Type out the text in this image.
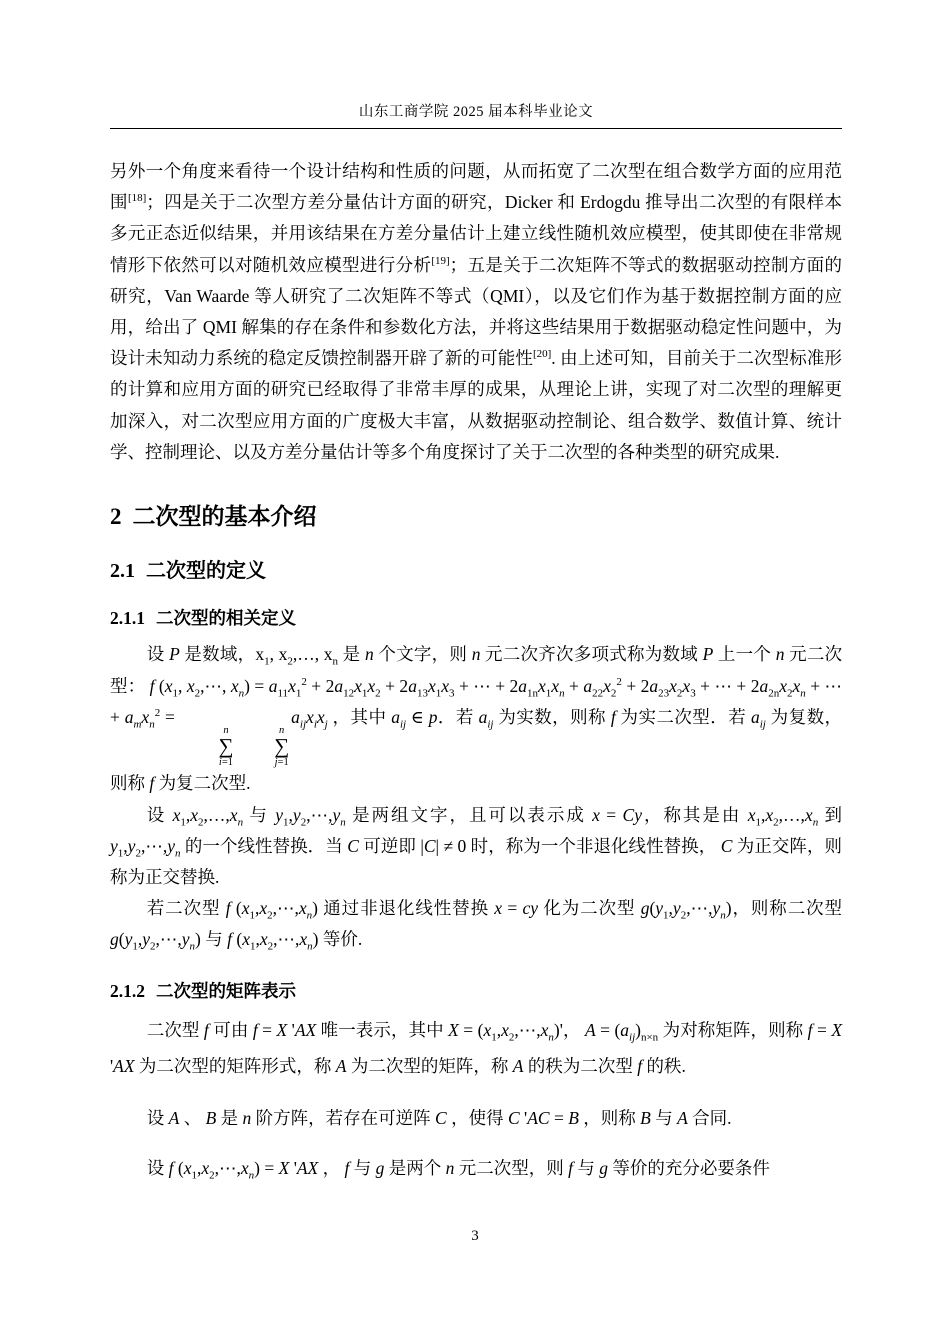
山东工商学院 2025 届本科毕业论文

另外一个角度来看待一个设计结构和性质的问题，从而拓宽了二次型在组合数学方面的应用范围[18]；四是关于二次型方差分量估计方面的研究，Dicker 和 Erdogdu 推导出二次型的有限样本多元正态近似结果，并用该结果在方差分量估计上建立线性随机效应模型，使其即使在非常规情形下依然可以对随机效应模型进行分析[19]；五是关于二次矩阵不等式的数据驱动控制方面的研究，Van Waarde 等人研究了二次矩阵不等式（QMI），以及它们作为基于数据控制方面的应用，给出了 QMI 解集的存在条件和参数化方法，并将这些结果用于数据驱动稳定性问题中，为设计未知动力系统的稳定反馈控制器开辟了新的可能性[20]. 由上述可知，目前关于二次型标准形的计算和应用方面的研究已经取得了非常丰厚的成果，从理论上讲，实现了对二次型的理解更加深入，对二次型应用方面的广度极大丰富，从数据驱动控制论、组合数学、数值计算、统计学、控制理论、以及方差分量估计等多个角度探讨了关于二次型的各种类型的研究成果.

2 二次型的基本介绍
2.1 二次型的定义
2.1.1 二次型的相关定义

设 P 是数域，$x_1$, $x_2,\dots$, $x_n$ 是 n 个文字，则 n 元二次齐次多项式称为数域 P 上一个 n 元二次型： f ($x_1$, $x_2,\cdots$, $x_n) = a_{11}x_1^2 + 2a_{12}x_1x_2 + 2a_{13}x_1x_3$ + ⋯ + $2a_{1n}x_1x_n + a_{22}x_2^2 + 2a_{23}x_2x_3$ + ⋯ + $2a_{2n}x_2x_n$ + ⋯ + $a_mx_n^2$ =
n
∑
i=1
n
∑
j=1
$a_{ij}x_ix_j$ ，其中 $a_{ij}$ ∈ p．若 $a_{ij}$ 为实数，则称 f 为实二次型．若 $a_{ij}$ 为复数，则称 f 为复二次型.

设 $x_1,x_2,\dots,x_n$ 与 $y_1,y_2,\cdots,y_n$ 是两组文字，且可以表示成 x = Cy，称其是由 $x_1,x_2,\dots,x_n$ 到 $y_1,y_2,\cdots,y_n$ 的一个线性替换．当 C 可逆即 |C| ≠ 0 时，称为一个非退化线性替换， C 为正交阵，则称为正交替换.

若二次型 f $(x_1,x_2,\cdots,x_n)$ 通过非退化线性替换 x = cy 化为二次型 $g(y_1,y_2,\cdots,y_n)$，则称二次型 $g(y_1,y_2,\cdots,y_n)$ 与 f $(x_1,x_2,\cdots,x_n)$ 等价.

2.1.2 二次型的矩阵表示

二次型 f 可由 f = X 'AX 唯一表示，其中 $X = (x_1,x_2,\cdots,x_n)'$， $A = (a_{ij})_{n\times n}$ 为对称矩阵，则称 f = X 'AX 为二次型的矩阵形式，称 A 为二次型的矩阵，称 A 的秩为二次型 f 的秩.

设 A 、 B 是 n 阶方阵，若存在可逆阵 C ，使得 C 'AC = B ，则称 B 与 A 合同.

设 f $(x_1,x_2,\cdots,x_n) = X$ 'AX ， f 与 g 是两个 n 元二次型，则 f 与 g 等价的充分必要条件

3
